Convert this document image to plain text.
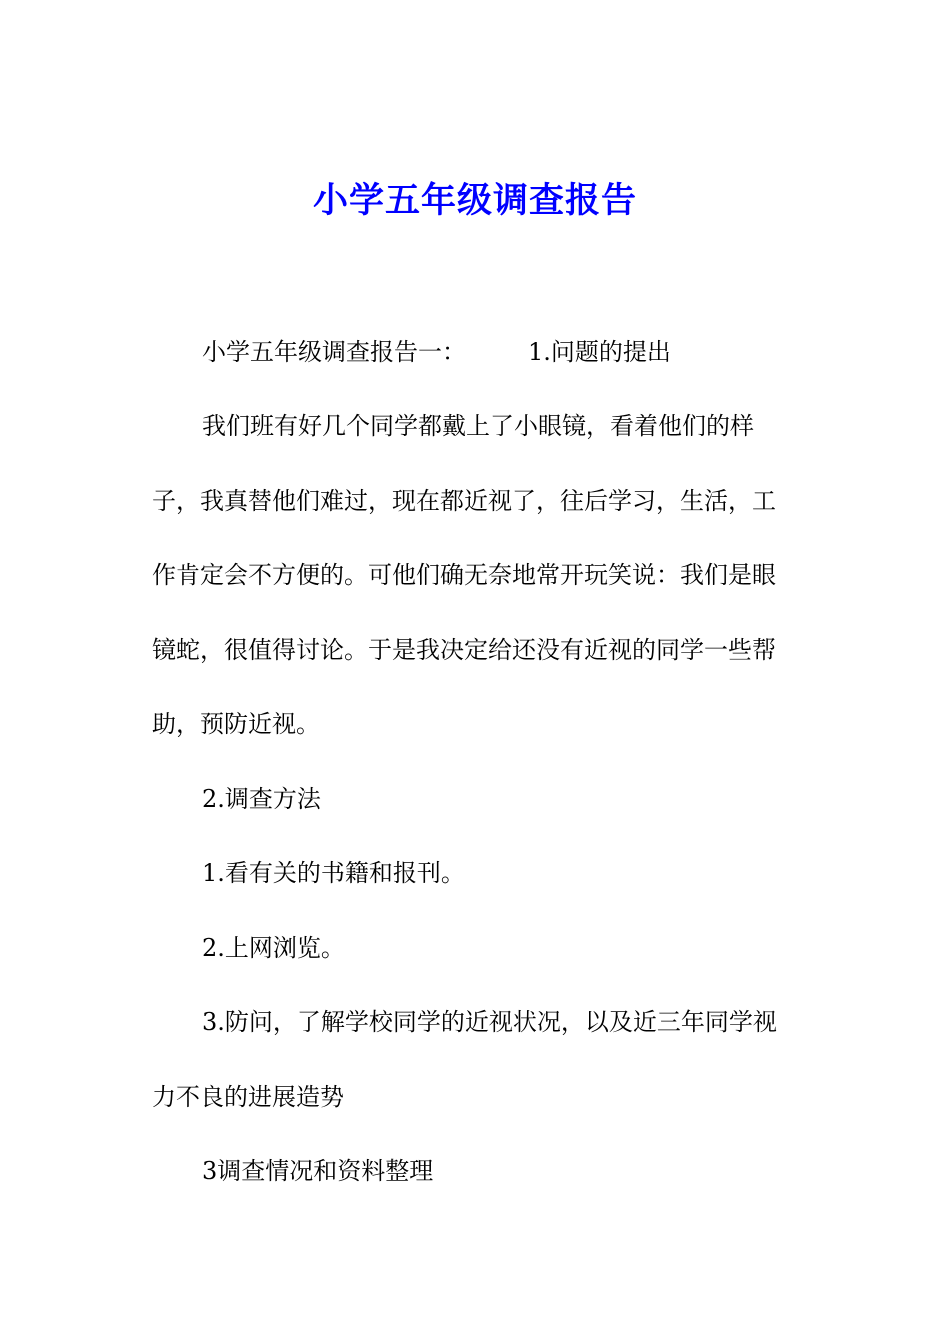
小学五年级调查报告

小学五年级调查报告一：	1.问题的提出

我们班有好几个同学都戴上了小眼镜，看着他们的样子，我真替他们难过，现在都近视了，往后学习，生活，工作肯定会不方便的。可他们确无奈地常开玩笑说：我们是眼镜蛇，很值得讨论。于是我决定给还没有近视的同学一些帮助，预防近视。

2.调查方法

1.看有关的书籍和报刊。

2.上网浏览。

3.防问，了解学校同学的近视状况，以及近三年同学视力不良的进展造势

3调查情况和资料整理
